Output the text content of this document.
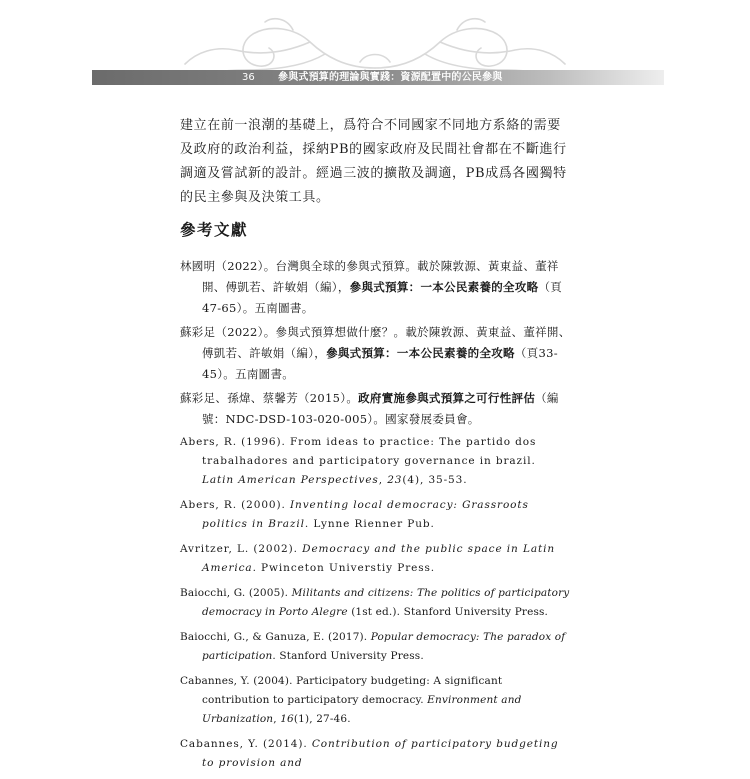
36 參與式預算的理論與實踐：資源配置中的公民參與

建立在前一浪潮的基礎上，爲符合不同國家不同地方系絡的需要及政府的政治利益，採納PB的國家政府及民間社會都在不斷進行調適及嘗試新的設計。經過三波的擴散及調適，PB成爲各國獨特的民主參與及決策工具。

參考文獻
林國明（2022）。台灣與全球的參與式預算。載於陳敦源、黃東益、董祥開、傅凱若、許敏娟（編），參與式預算：一本公民素養的全攻略（頁47-65）。五南圖書。
蘇彩足（2022）。參與式預算想做什麼？。載於陳敦源、黃東益、董祥開、傅凱若、許敏娟（編），參與式預算：一本公民素養的全攻略（頁33-45）。五南圖書。
蘇彩足、孫煒、蔡馨芳（2015）。政府實施參與式預算之可行性評估（編號：NDC-DSD-103-020-005）。國家發展委員會。
Abers, R. (1996). From ideas to practice: The partido dos trabalhadores and participatory governance in brazil. Latin American Perspectives, 23(4), 35-53.
Abers, R. (2000). Inventing local democracy: Grassroots politics in Brazil. Lynne Rienner Pub.
Avritzer, L. (2002). Democracy and the public space in Latin America. Pwinceton Universtiy Press.
Baiocchi, G. (2005). Militants and citizens: The politics of participatory democracy in Porto Alegre (1st ed.). Stanford University Press.
Baiocchi, G., & Ganuza, E. (2017). Popular democracy: The paradox of participation. Stanford University Press.
Cabannes, Y. (2004). Participatory budgeting: A significant contribution to participatory democracy. Environment and Urbanization, 16(1), 27-46.
Cabannes, Y. (2014). Contribution of participatory budgeting to provision and
